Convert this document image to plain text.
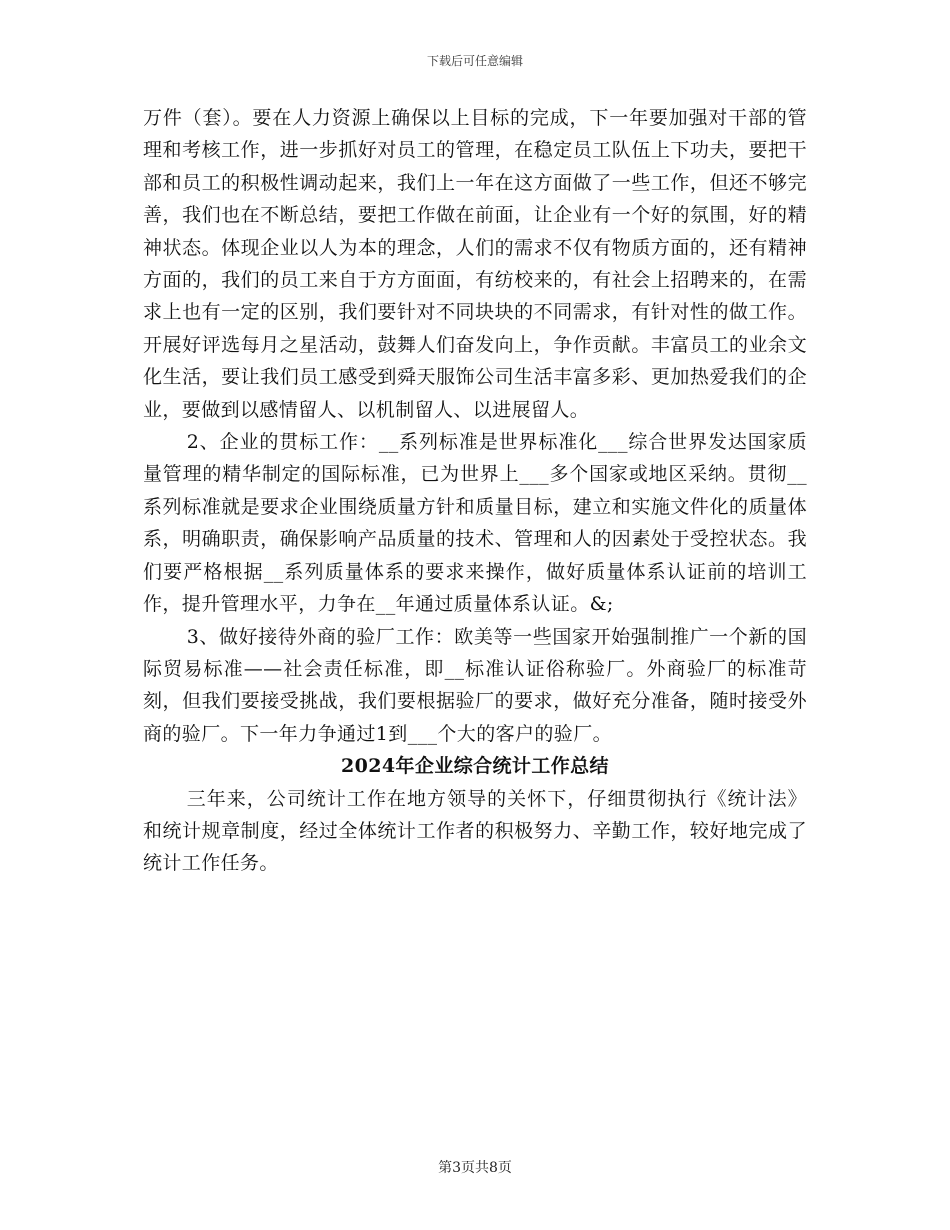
下载后可任意编辑

万件（套）。要在人力资源上确保以上目标的完成，下一年要加强对干部的管理和考核工作，进一步抓好对员工的管理，在稳定员工队伍上下功夫，要把干部和员工的积极性调动起来，我们上一年在这方面做了一些工作，但还不够完善，我们也在不断总结，要把工作做在前面，让企业有一个好的氛围，好的精神状态。体现企业以人为本的理念，人们的需求不仅有物质方面的，还有精神方面的，我们的员工来自于方方面面，有纺校来的，有社会上招聘来的，在需求上也有一定的区别，我们要针对不同块块的不同需求，有针对性的做工作。开展好评选每月之星活动，鼓舞人们奋发向上，争作贡献。丰富员工的业余文化生活，要让我们员工感受到舜天服饰公司生活丰富多彩、更加热爱我们的企业，要做到以感情留人、以机制留人、以进展留人。

2、企业的贯标工作：__系列标准是世界标准化___综合世界发达国家质量管理的精华制定的国际标准，已为世界上___多个国家或地区采纳。贯彻__系列标准就是要求企业围绕质量方针和质量目标，建立和实施文件化的质量体系，明确职责，确保影响产品质量的技术、管理和人的因素处于受控状态。我们要严格根据__系列质量体系的要求来操作，做好质量体系认证前的培训工作，提升管理水平，力争在__年通过质量体系认证。&;

3、做好接待外商的验厂工作：欧美等一些国家开始强制推广一个新的国际贸易标准——社会责任标准，即__标准认证俗称验厂。外商验厂的标准苛刻，但我们要接受挑战，我们要根据验厂的要求，做好充分准备，随时接受外商的验厂。下一年力争通过1到___个大的客户的验厂。

2024年企业综合统计工作总结

三年来，公司统计工作在地方领导的关怀下，仔细贯彻执行《统计法》和统计规章制度，经过全体统计工作者的积极努力、辛勤工作，较好地完成了统计工作任务。

第3页共8页
